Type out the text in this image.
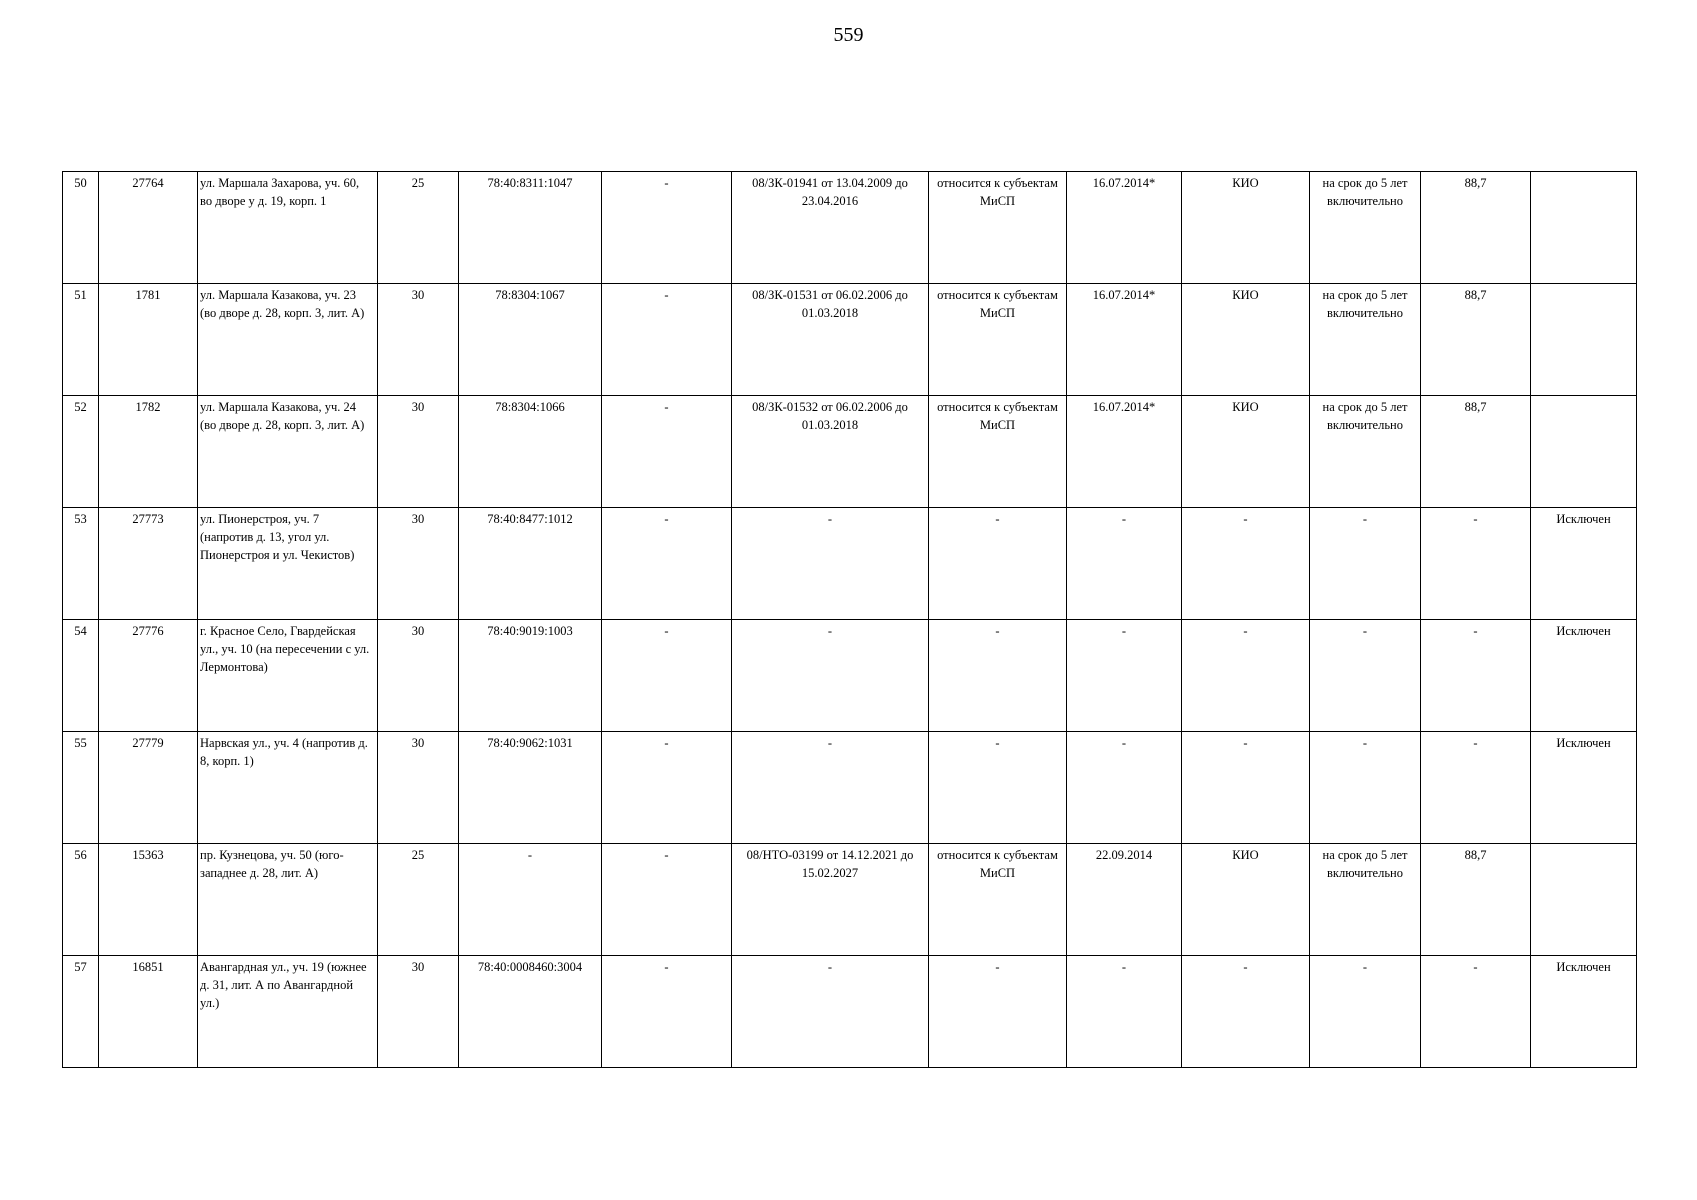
559
50	27764	ул. Маршала Захарова, уч. 60, во дворе у д. 19, корп. 1	25	78:40:8311:1047	-	08/ЗК-01941 от 13.04.2009 до 23.04.2016	относится к субъектам МиСП	16.07.2014*	КИО	на срок до 5 лет включительно	88,7	
51	1781	ул. Маршала Казакова, уч. 23 (во дворе д. 28, корп. 3, лит. А)	30	78:8304:1067	-	08/ЗК-01531 от 06.02.2006 до 01.03.2018	относится к субъектам МиСП	16.07.2014*	КИО	на срок до 5 лет включительно	88,7	
52	1782	ул. Маршала Казакова, уч. 24 (во дворе д. 28, корп. 3, лит. А)	30	78:8304:1066	-	08/ЗК-01532 от 06.02.2006 до 01.03.2018	относится к субъектам МиСП	16.07.2014*	КИО	на срок до 5 лет включительно	88,7	
53	27773	ул. Пионерстроя, уч. 7 (напротив д. 13, угол ул. Пионерстроя и ул. Чекистов)	30	78:40:8477:1012	-	-	-	-	-	-	-	Исключен
54	27776	г. Красное Село, Гвардейская ул., уч. 10 (на пересечении с ул. Лермонтова)	30	78:40:9019:1003	-	-	-	-	-	-	-	Исключен
55	27779	Нарвская ул., уч. 4 (напротив д. 8, корп. 1)	30	78:40:9062:1031	-	-	-	-	-	-	-	Исключен
56	15363	пр. Кузнецова, уч. 50 (юго-западнее д. 28, лит. А)	25	-	-	08/НТО-03199 от 14.12.2021 до 15.02.2027	относится к субъектам МиСП	22.09.2014	КИО	на срок до 5 лет включительно	88,7	
57	16851	Авангардная ул., уч. 19 (южнее д. 31, лит. А по Авангардной ул.)	30	78:40:0008460:3004	-	-	-	-	-	-	-	Исключен
